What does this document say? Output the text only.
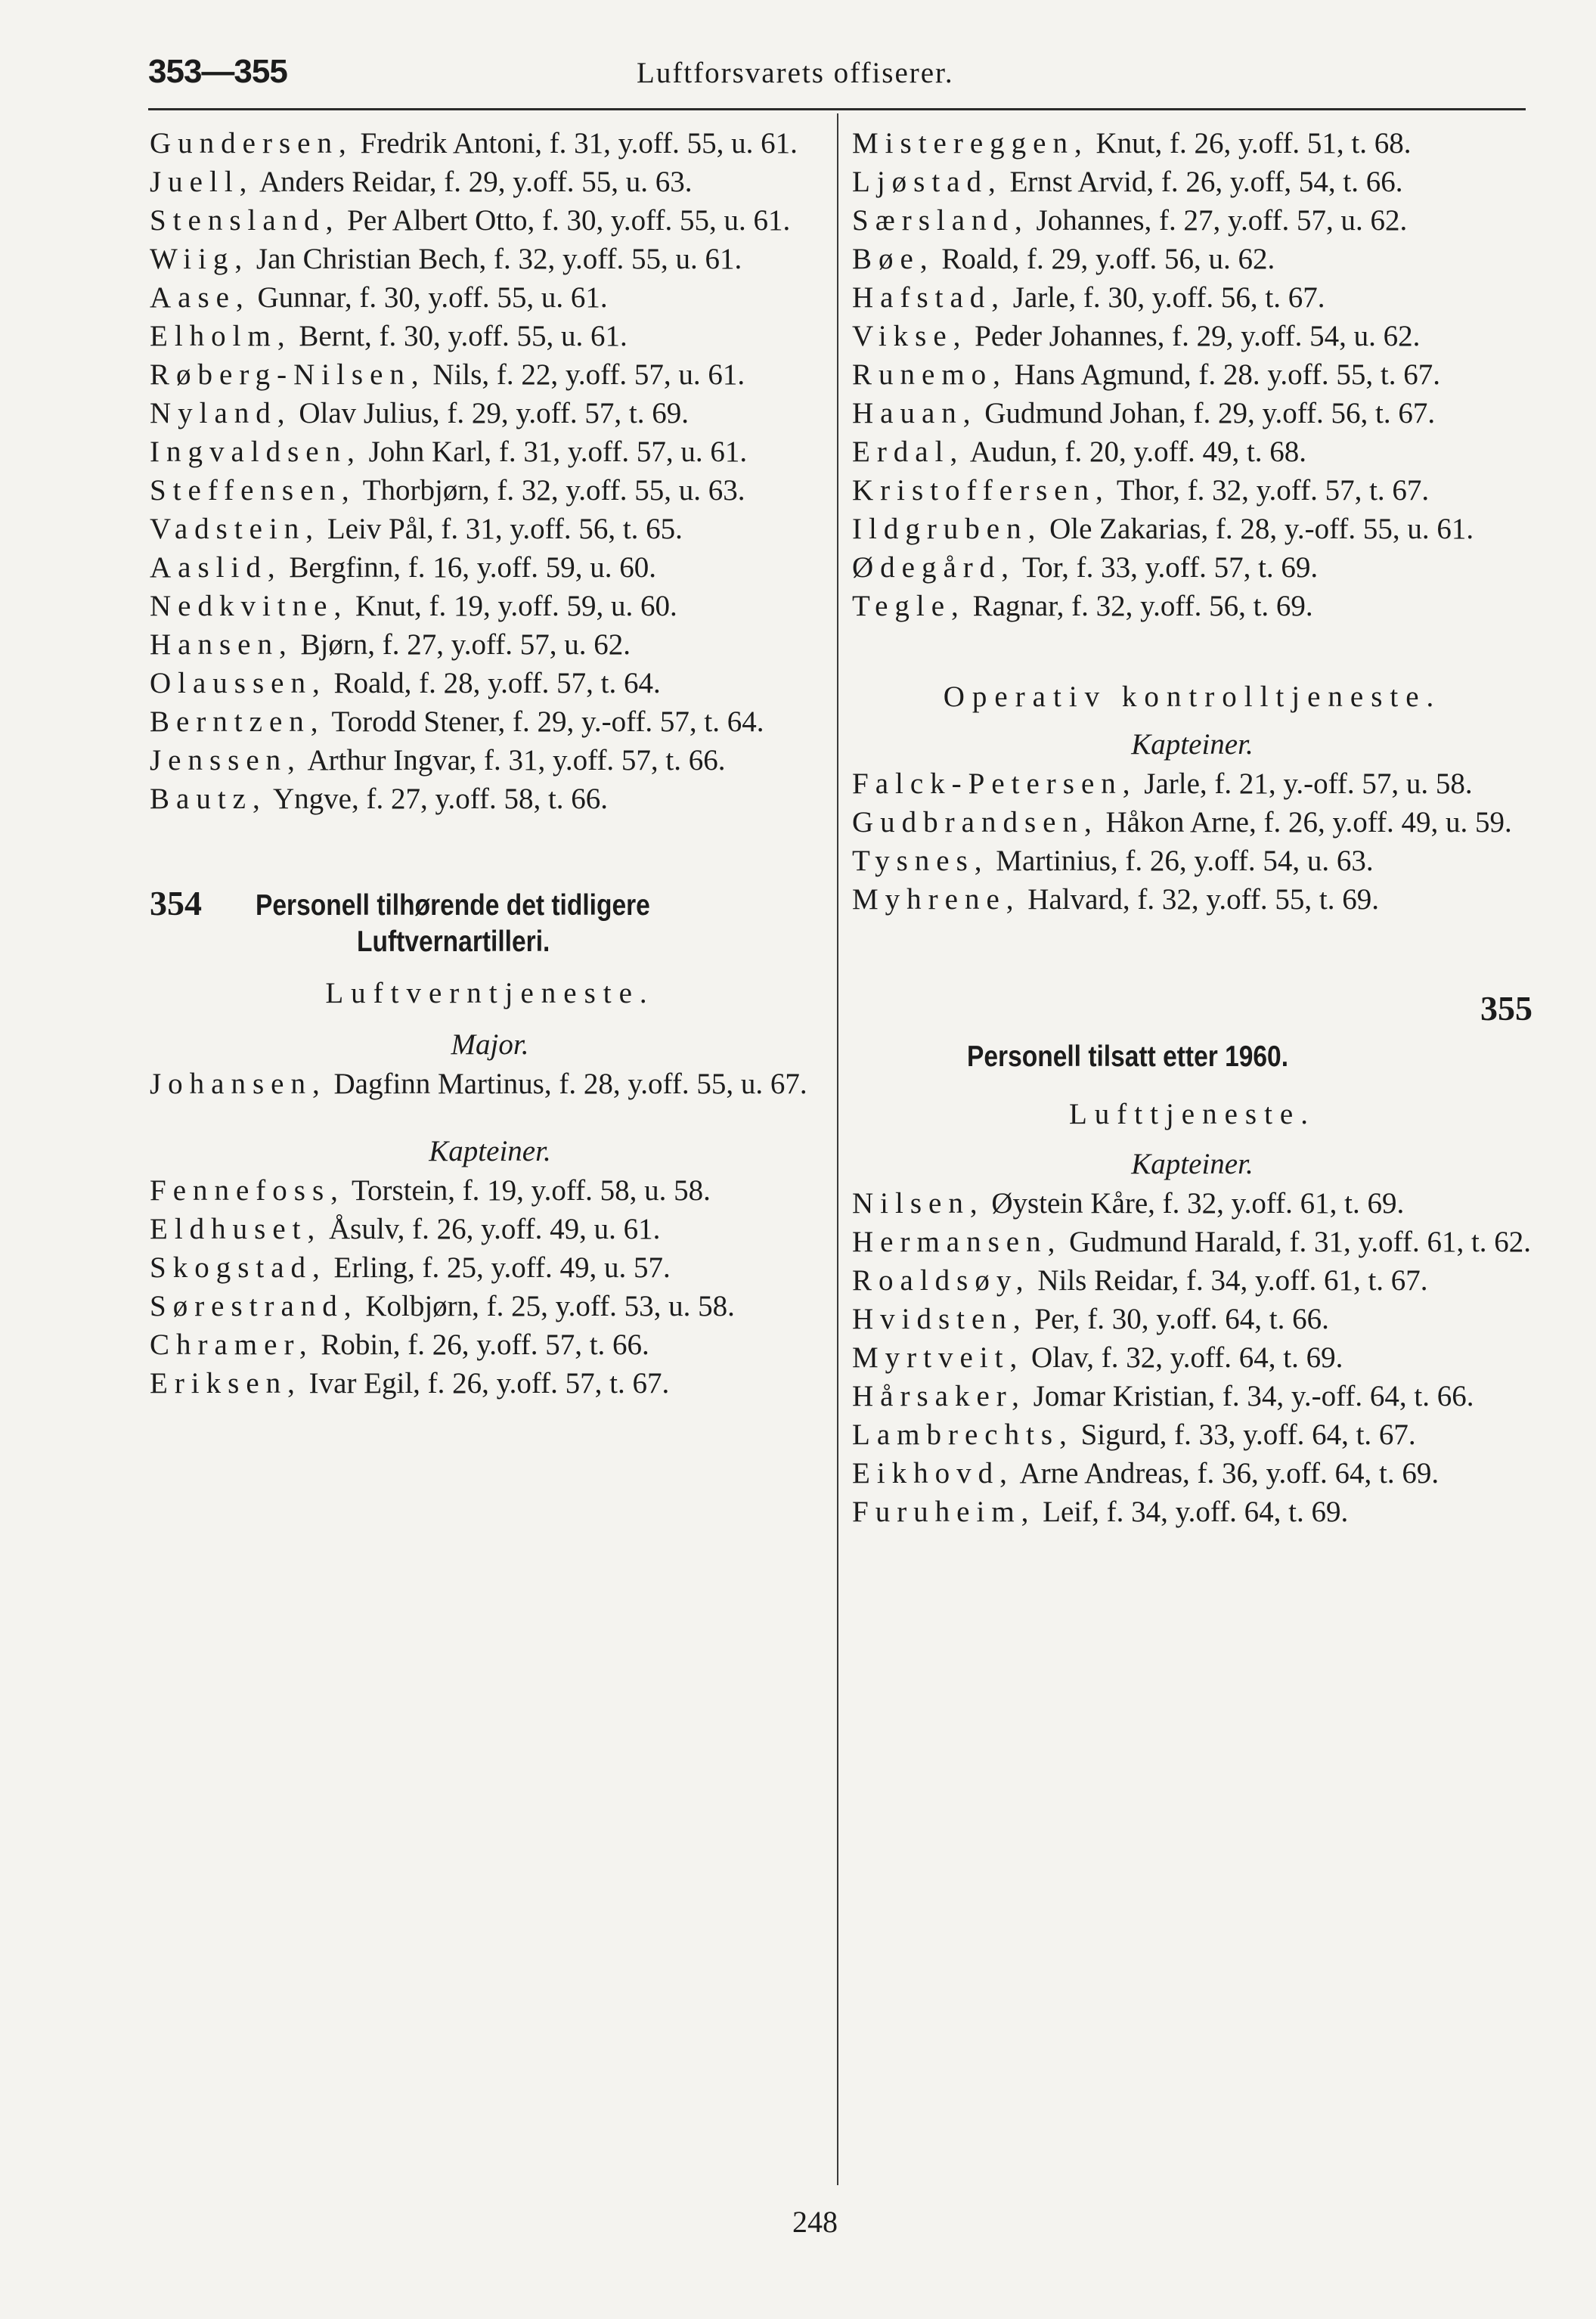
353—355	Luftforsvarets offiserer.

Gundersen, Fredrik Antoni, f. 31, y.off. 55, u. 61.

Juell, Anders Reidar, f. 29, y.off. 55, u. 63.

Stensland, Per Albert Otto, f. 30, y.off. 55, u. 61.

Wiig, Jan Christian Bech, f. 32, y.off. 55, u. 61.

Aase, Gunnar, f. 30, y.off. 55, u. 61.

Elholm, Bernt, f. 30, y.off. 55, u. 61.

Røberg-Nilsen, Nils, f. 22, y.off. 57, u. 61.

Nyland, Olav Julius, f. 29, y.off. 57, t. 69.

Ingvaldsen, John Karl, f. 31, y.off. 57, u. 61.

Steffensen, Thorbjørn, f. 32, y.off. 55, u. 63.

Vadstein, Leiv Pål, f. 31, y.off. 56, t. 65.

Aaslid, Bergfinn, f. 16, y.off. 59, u. 60.

Nedkvitne, Knut, f. 19, y.off. 59, u. 60.

Hansen, Bjørn, f. 27, y.off. 57, u. 62.

Olaussen, Roald, f. 28, y.off. 57, t. 64.

Berntzen, Torodd Stener, f. 29, y.-off. 57, t. 64.

Jenssen, Arthur Ingvar, f. 31, y.off. 57, t. 66.

Bautz, Yngve, f. 27, y.off. 58, t. 66.

354 Personell tilhørende det tidligere
Luftvernartilleri.
Luftverntjeneste.
Major.

Johansen, Dagfinn Martinus, f. 28, y.off. 55, u. 67.

Kapteiner.

Fennefoss, Torstein, f. 19, y.off. 58, u. 58.

Eldhuset, Åsulv, f. 26, y.off. 49, u. 61.

Skogstad, Erling, f. 25, y.off. 49, u. 57.

Sørestrand, Kolbjørn, f. 25, y.off. 53, u. 58.

Chramer, Robin, f. 26, y.off. 57, t. 66.

Eriksen, Ivar Egil, f. 26, y.off. 57, t. 67.

Mistereggen, Knut, f. 26, y.off. 51, t. 68.

Ljøstad, Ernst Arvid, f. 26, y.off, 54, t. 66.

Særsland, Johannes, f. 27, y.off. 57, u. 62.

Bøe, Roald, f. 29, y.off. 56, u. 62.

Hafstad, Jarle, f. 30, y.off. 56, t. 67.

Vikse, Peder Johannes, f. 29, y.off. 54, u. 62.

Runemo, Hans Agmund, f. 28. y.off. 55, t. 67.

Hauan, Gudmund Johan, f. 29, y.off. 56, t. 67.

Erdal, Audun, f. 20, y.off. 49, t. 68.

Kristoffersen, Thor, f. 32, y.off. 57, t. 67.

Ildgruben, Ole Zakarias, f. 28, y.-off. 55, u. 61.

Ødegård, Tor, f. 33, y.off. 57, t. 69.

Tegle, Ragnar, f. 32, y.off. 56, t. 69.

Operativ kontrolltjeneste.
Kapteiner.

Falck-Petersen, Jarle, f. 21, y.-off. 57, u. 58.

Gudbrandsen, Håkon Arne, f. 26, y.off. 49, u. 59.

Tysnes, Martinius, f. 26, y.off. 54, u. 63.

Myhrene, Halvard, f. 32, y.off. 55, t. 69.

355
Personell tilsatt etter 1960.
Lufttjeneste.
Kapteiner.

Nilsen, Øystein Kåre, f. 32, y.off. 61, t. 69.

Hermansen, Gudmund Harald, f. 31, y.off. 61, t. 62.

Roaldsøy, Nils Reidar, f. 34, y.off. 61, t. 67.

Hvidsten, Per, f. 30, y.off. 64, t. 66.

Myrtveit, Olav, f. 32, y.off. 64, t. 69.

Hårsaker, Jomar Kristian, f. 34, y.-off. 64, t. 66.

Lambrechts, Sigurd, f. 33, y.off. 64, t. 67.

Eikhovd, Arne Andreas, f. 36, y.off. 64, t. 69.

Furuheim, Leif, f. 34, y.off. 64, t. 69.

248
